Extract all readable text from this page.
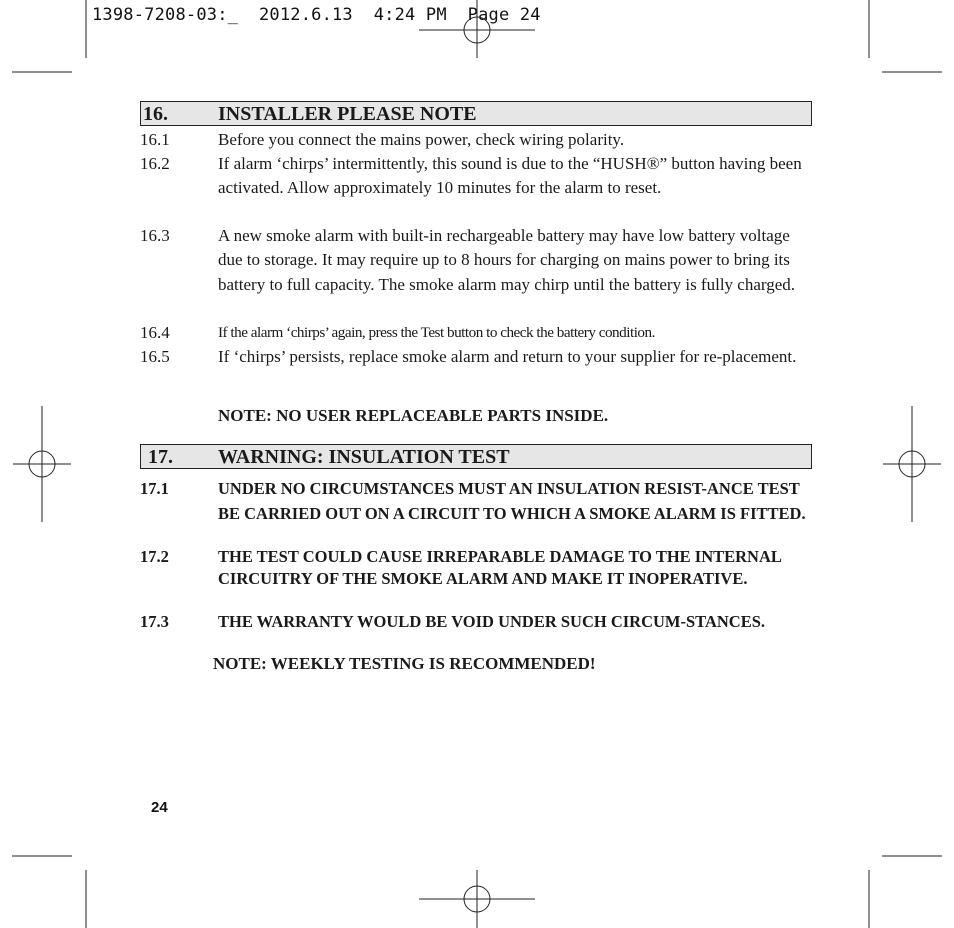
1398-7208-03:_  2012.6.13  4:24 PM  Page 24
16.	INSTALLER PLEASE NOTE
16.1	Before you connect the mains power, check wiring polarity.
16.2	If alarm ‘chirps’ intermittently, this sound is due to the “HUSH®” button having been activated. Allow approximately 10 minutes for the alarm to reset.
16.3	A new smoke alarm with built-in rechargeable battery may have low battery voltage due to storage. It may require up to 8 hours for charging on mains power to bring its battery to full capacity. The smoke alarm may chirp until the battery is fully charged.
16.4	If the alarm ‘chirps’ again, press the Test button to check the battery condition.
16.5	If ‘chirps’ persists, replace smoke alarm and return to your supplier for re-placement.
NOTE: NO USER REPLACEABLE PARTS INSIDE.
17. WARNING: INSULATION TEST
17.1	UNDER NO CIRCUMSTANCES MUST AN INSULATION RESIST-ANCE TEST BE CARRIED OUT ON A CIRCUIT TO WHICH A SMOKE ALARM IS FITTED.
17.2	THE TEST COULD CAUSE IRREPARABLE DAMAGE TO THE INTERNAL CIRCUITRY OF THE SMOKE ALARM AND MAKE IT INOPERATIVE.
17.3	THE WARRANTY WOULD BE VOID UNDER SUCH CIRCUM-STANCES.
NOTE: WEEKLY TESTING IS RECOMMENDED!
24
